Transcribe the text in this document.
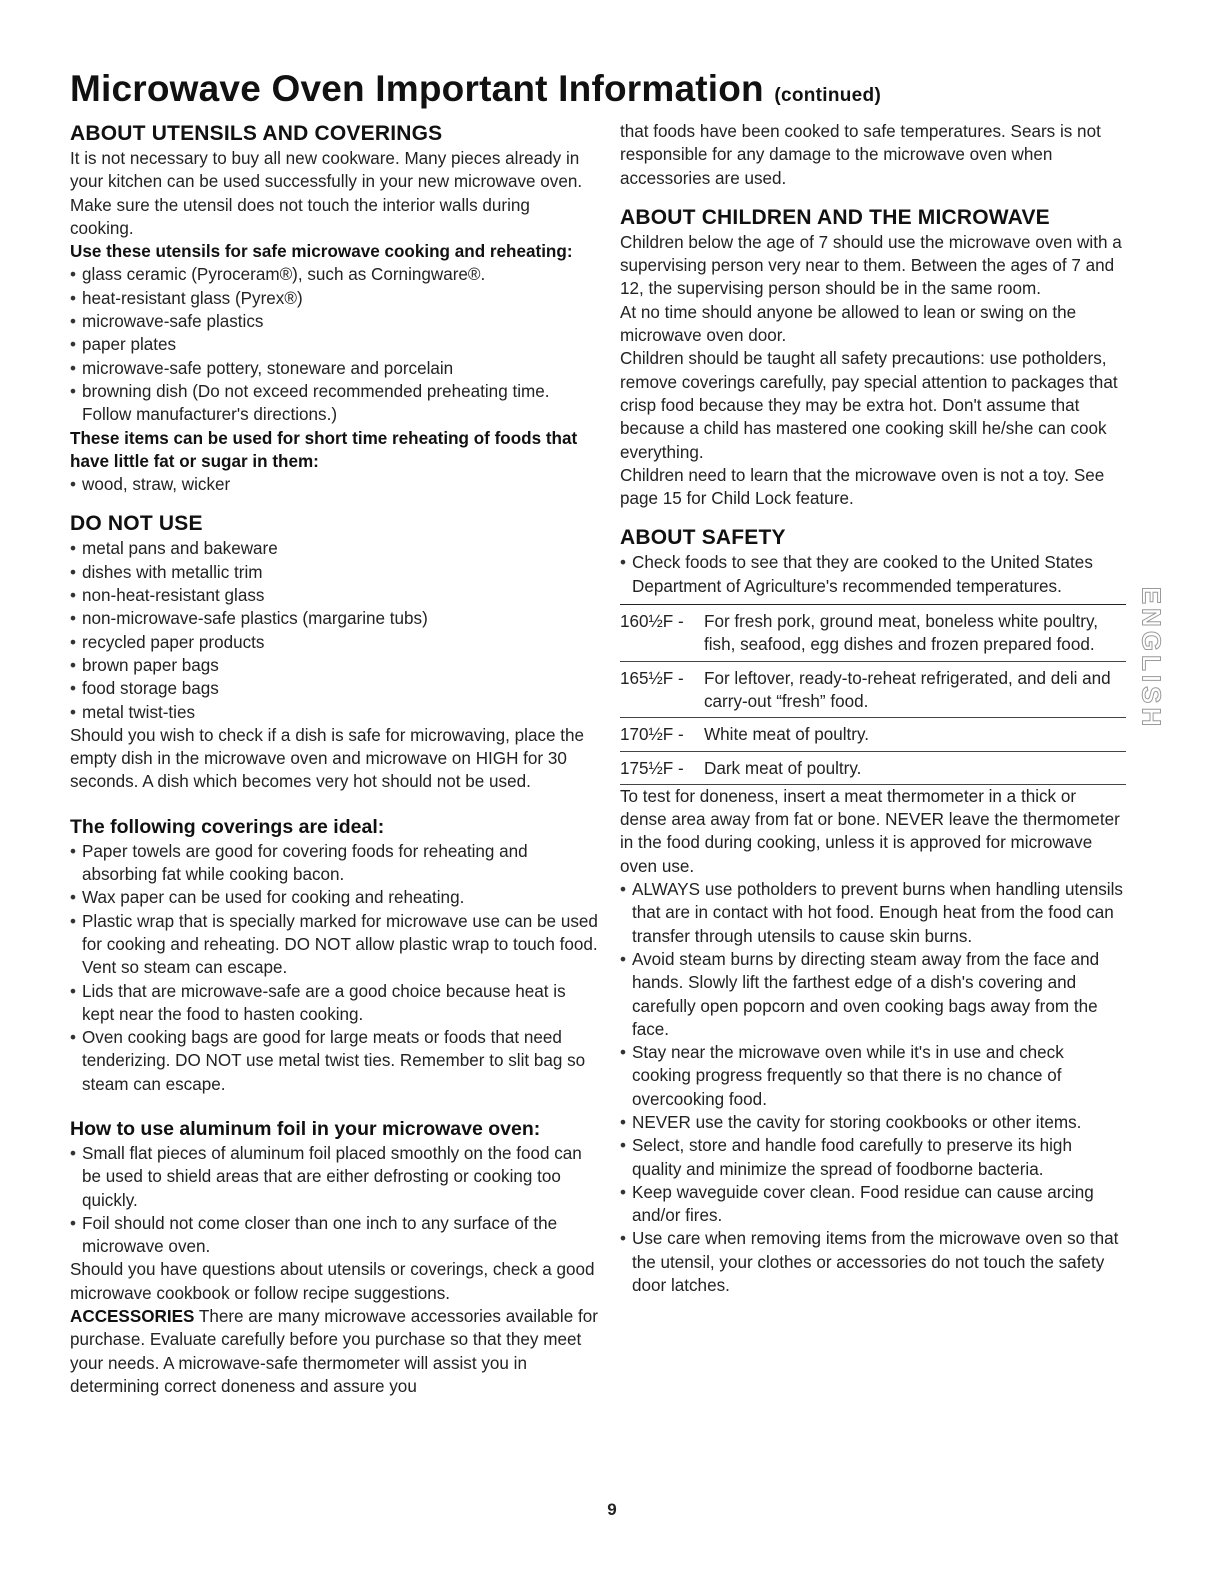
Microwave Oven Important Information (continued)
ABOUT UTENSILS AND COVERINGS

It is not necessary to buy all new cookware. Many pieces already in your kitchen can be used successfully in your new microwave oven. Make sure the utensil does not touch the interior walls during cooking.

Use these utensils for safe microwave cooking and reheating:

• glass ceramic (Pyroceram®), such as Corningware®.
• heat-resistant glass (Pyrex®)
• microwave-safe plastics
• paper plates
• microwave-safe pottery, stoneware and porcelain
• browning dish (Do not exceed recommended preheating time. Follow manufacturer's directions.)

These items can be used for short time reheating of foods that have little fat or sugar in them:

• wood, straw, wicker
DO NOT USE
• metal pans and bakeware
• dishes with metallic trim
• non-heat-resistant glass
• non-microwave-safe plastics (margarine tubs)
• recycled paper products
• brown paper bags
• food storage bags
• metal twist-ties

Should you wish to check if a dish is safe for microwaving, place the empty dish in the microwave oven and microwave on HIGH for 30 seconds. A dish which becomes very hot should not be used.

The following coverings are ideal:
• Paper towels are good for covering foods for reheating and absorbing fat while cooking bacon.
• Wax paper can be used for cooking and reheating.
• Plastic wrap that is specially marked for microwave use can be used for cooking and reheating. DO NOT allow plastic wrap to touch food. Vent so steam can escape.
• Lids that are microwave-safe are a good choice because heat is kept near the food to hasten cooking.
• Oven cooking bags are good for large meats or foods that need tenderizing. DO NOT use metal twist ties. Remember to slit bag so steam can escape.
How to use aluminum foil in your microwave oven:
• Small flat pieces of aluminum foil placed smoothly on the food can be used to shield areas that are either defrosting or cooking too quickly.
• Foil should not come closer than one inch to any surface of the microwave oven.

Should you have questions about utensils or coverings, check a good microwave cookbook or follow recipe suggestions.

ACCESSORIES There are many microwave accessories available for purchase. Evaluate carefully before you purchase so that they meet your needs. A microwave-safe thermometer will assist you in determining correct doneness and assure you

that foods have been cooked to safe temperatures. Sears is not responsible for any damage to the microwave oven when accessories are used.

ABOUT CHILDREN AND THE MICROWAVE

Children below the age of 7 should use the microwave oven with a supervising person very near to them. Between the ages of 7 and 12, the supervising person should be in the same room.

At no time should anyone be allowed to lean or swing on the microwave oven door.

Children should be taught all safety precautions: use potholders, remove coverings carefully, pay special attention to packages that crisp food because they may be extra hot. Don't assume that because a child has mastered one cooking skill he/she can cook everything.

Children need to learn that the microwave oven is not a toy. See page 15 for Child Lock feature.

ABOUT SAFETY
• Check foods to see that they are cooked to the United States Department of Agriculture's recommended temperatures.
160½F -	For fresh pork, ground meat, boneless white poultry, fish, seafood, egg dishes and frozen prepared food.
165½F -	For leftover, ready-to-reheat refrigerated, and deli and carry-out “fresh” food.
170½F -	White meat of poultry.
175½F -	Dark meat of poultry.

To test for doneness, insert a meat thermometer in a thick or dense area away from fat or bone. NEVER leave the thermometer in the food during cooking, unless it is approved for microwave oven use.

• ALWAYS use potholders to prevent burns when handling utensils that are in contact with hot food. Enough heat from the food can transfer through utensils to cause skin burns.
• Avoid steam burns by directing steam away from the face and hands. Slowly lift the farthest edge of a dish's covering and carefully open popcorn and oven cooking bags away from the face.
• Stay near the microwave oven while it's in use and check cooking progress frequently so that there is no chance of overcooking food.
• NEVER use the cavity for storing cookbooks or other items.
• Select, store and handle food carefully to preserve its high quality and minimize the spread of foodborne bacteria.
• Keep waveguide cover clean. Food residue can cause arcing and/or fires.
• Use care when removing items from the microwave oven so that the utensil, your clothes or accessories do not touch the safety door latches.
ENGLISH
9
